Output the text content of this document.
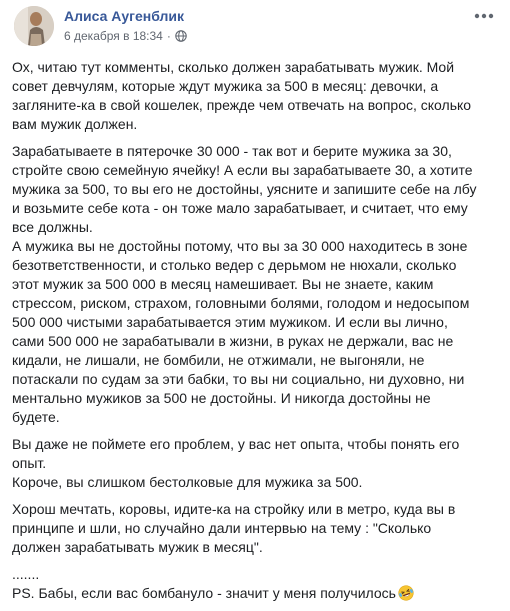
Алиса Аугенблик
6 декабря в 18:34 ·

Ох, читаю тут комменты, сколько должен зарабатывать мужик. Мой
совет девчулям, которые ждут мужика за 500 в месяц: девочки, а
загляните-ка в свой кошелек, прежде чем отвечать на вопрос, сколько
вам мужик должен.

Зарабатываете в пятерочке 30 000 - так вот и берите мужика за 30,
стройте свою семейную ячейку! А если вы зарабатываете 30, а хотите
мужика за 500, то вы его не достойны, уясните и запишите себе на лбу
и возьмите себе кота - он тоже мало зарабатывает, и считает, что ему
все должны.
А мужика вы не достойны потому, что вы за 30 000 находитесь в зоне
безответственности, и столько ведер с дерьмом не нюхали, сколько
этот мужик за 500 000 в месяц намешивает. Вы не знаете, каким
стрессом, риском, страхом, головными болями, голодом и недосыпом
500 000 чистыми зарабатывается этим мужиком. И если вы лично,
сами 500 000 не зарабатывали в жизни, в руках не держали, вас не
кидали, не лишали, не бомбили, не отжимали, не выгоняли, не
потаскали по судам за эти бабки, то вы ни социально, ни духовно, ни
ментально мужиков за 500 не достойны. И никогда достойны не
будете.

Вы даже не поймете его проблем, у вас нет опыта, чтобы понять его
опыт.
Короче, вы слишком бестолковые для мужика за 500.

Хорош мечтать, коровы, идите-ка на стройку или в метро, куда вы в
принципе и шли, но случайно дали интервью на тему : "Сколько
должен зарабатывать мужик в месяц".

.......
PS. Бабы, если вас бомбануло - значит у меня получилось
